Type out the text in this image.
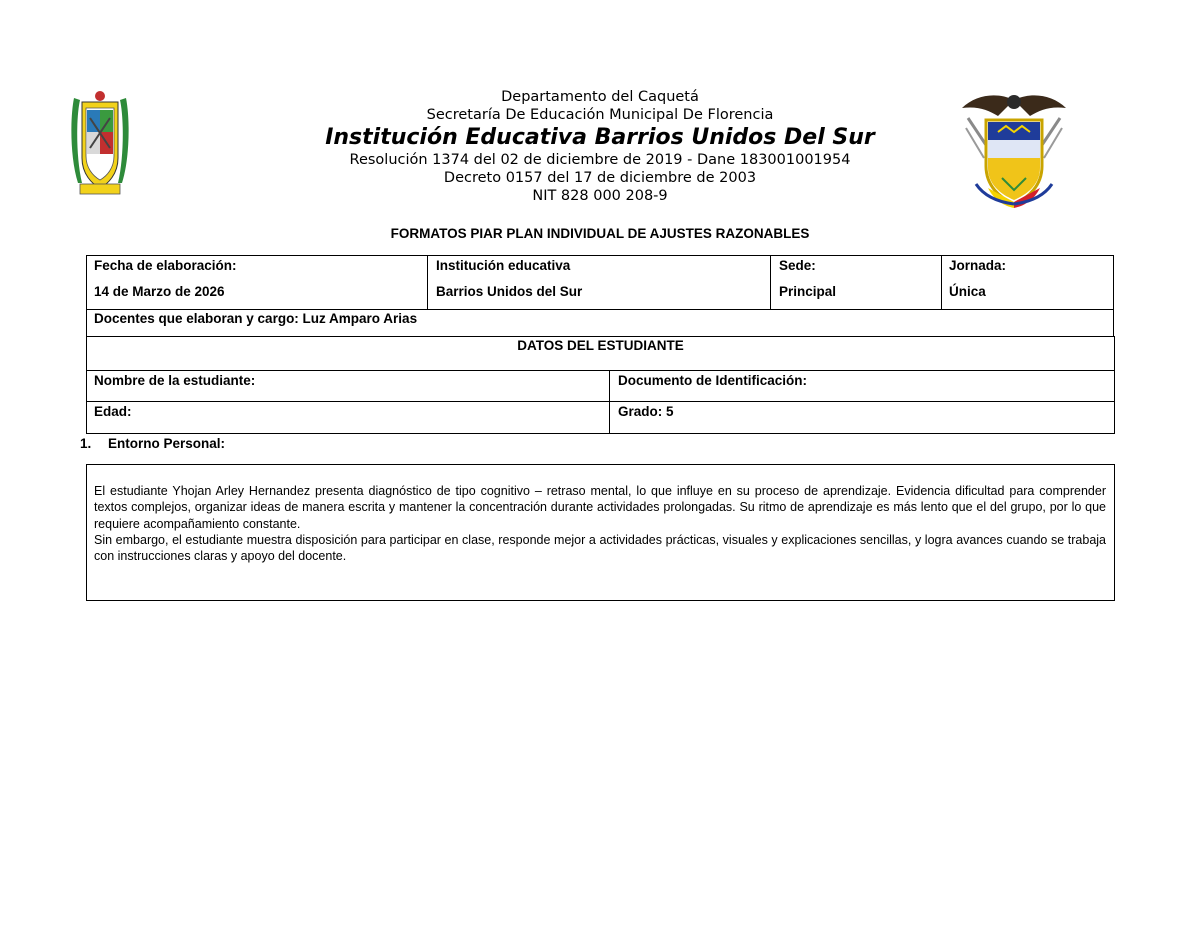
Departamento del Caquetá
Secretaría De Educación Municipal De Florencia
Institución Educativa Barrios Unidos Del Sur
Resolución 1374 del 02 de diciembre de 2019 - Dane 183001001954
Decreto 0157 del 17 de diciembre de 2003
NIT 828 000 208-9
FORMATOS PIAR PLAN INDIVIDUAL DE AJUSTES RAZONABLES
Fecha de elaboración:
14 de Marzo de 2026
Institución educativa
Barrios Unidos del Sur
Sede:
Principal
Jornada:
Única
Docentes que elaboran y cargo: Luz Amparo Arias
DATOS DEL ESTUDIANTE
Nombre de la estudiante:	Documento de Identificación:
Edad:	Grado: 5
1. Entorno Personal:

El estudiante Yhojan Arley Hernandez presenta diagnóstico de tipo cognitivo – retraso mental, lo que influye en su proceso de aprendizaje. Evidencia dificultad para comprender textos complejos, organizar ideas de manera escrita y mantener la concentración durante actividades prolongadas. Su ritmo de aprendizaje es más lento que el del grupo, por lo que requiere acompañamiento constante.

Sin embargo, el estudiante muestra disposición para participar en clase, responde mejor a actividades prácticas, visuales y explicaciones sencillas, y logra avances cuando se trabaja con instrucciones claras y apoyo del docente.
